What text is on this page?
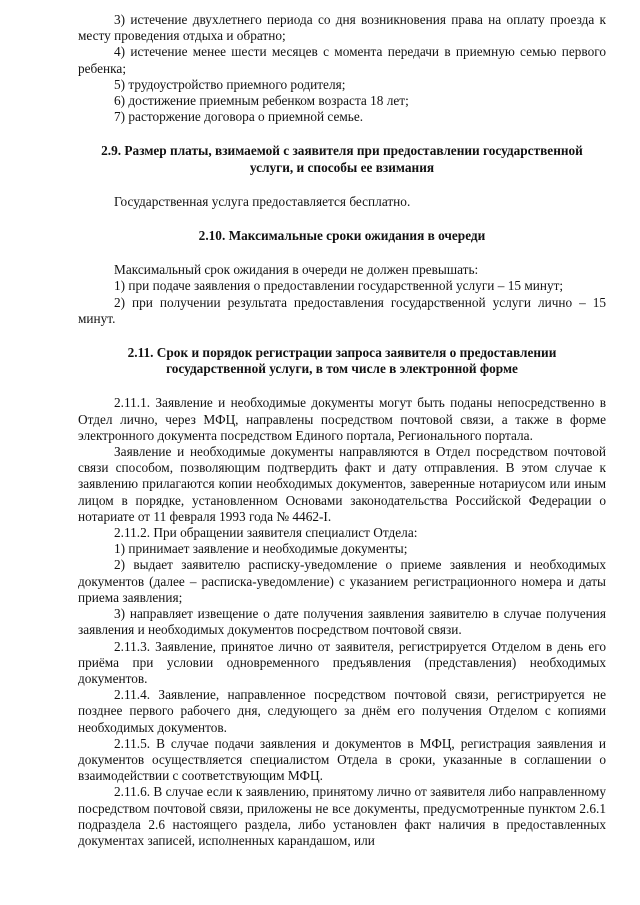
3) истечение двухлетнего периода со дня возникновения права на оплату проезда к месту проведения отдыха и обратно;

4) истечение менее шести месяцев с момента передачи в приемную семью первого ребенка;

5) трудоустройство приемного родителя;

6) достижение приемным ребенком возраста 18 лет;

7) расторжение договора о приемной семье.

2.9. Размер платы, взимаемой с заявителя при предоставлении государственной услуги, и способы ее взимания

Государственная услуга предоставляется бесплатно.

2.10. Максимальные сроки ожидания в очереди

Максимальный срок ожидания в очереди не должен превышать:

1) при подаче заявления о предоставлении государственной услуги – 15 минут;

2) при получении результата предоставления государственной услуги лично – 15 минут.

2.11. Срок и порядок регистрации запроса заявителя о предоставлении государственной услуги, в том числе в электронной форме

2.11.1. Заявление и необходимые документы могут быть поданы непосредственно в Отдел лично, через МФЦ, направлены посредством почтовой связи, а также в форме электронного документа посредством Единого портала, Регионального портала.

Заявление и необходимые документы направляются в Отдел посредством почтовой связи способом, позволяющим подтвердить факт и дату отправления. В этом случае к заявлению прилагаются копии необходимых документов, заверенные нотариусом или иным лицом в порядке, установленном Основами законодательства Российской Федерации о нотариате от 11 февраля 1993 года № 4462-I.

2.11.2. При обращении заявителя специалист Отдела:

1) принимает заявление и необходимые документы;

2) выдает заявителю расписку-уведомление о приеме заявления и необходимых документов (далее – расписка-уведомление) с указанием регистрационного номера и даты приема заявления;

3) направляет извещение о дате получения заявления заявителю в случае получения заявления и необходимых документов посредством почтовой связи.

2.11.3. Заявление, принятое лично от заявителя, регистрируется Отделом в день его приёма при условии одновременного предъявления (представления) необходимых документов.

2.11.4. Заявление, направленное посредством почтовой связи, регистрируется не позднее первого рабочего дня, следующего за днём его получения Отделом с копиями необходимых документов.

2.11.5. В случае подачи заявления и документов в МФЦ, регистрация заявления и документов осуществляется специалистом Отдела в сроки, указанные в соглашении о взаимодействии с соответствующим МФЦ.

2.11.6. В случае если к заявлению, принятому лично от заявителя либо направленному посредством почтовой связи, приложены не все документы, предусмотренные пунктом 2.6.1 подраздела 2.6 настоящего раздела, либо установлен факт наличия в предоставленных документах записей, исполненных карандашом, или
